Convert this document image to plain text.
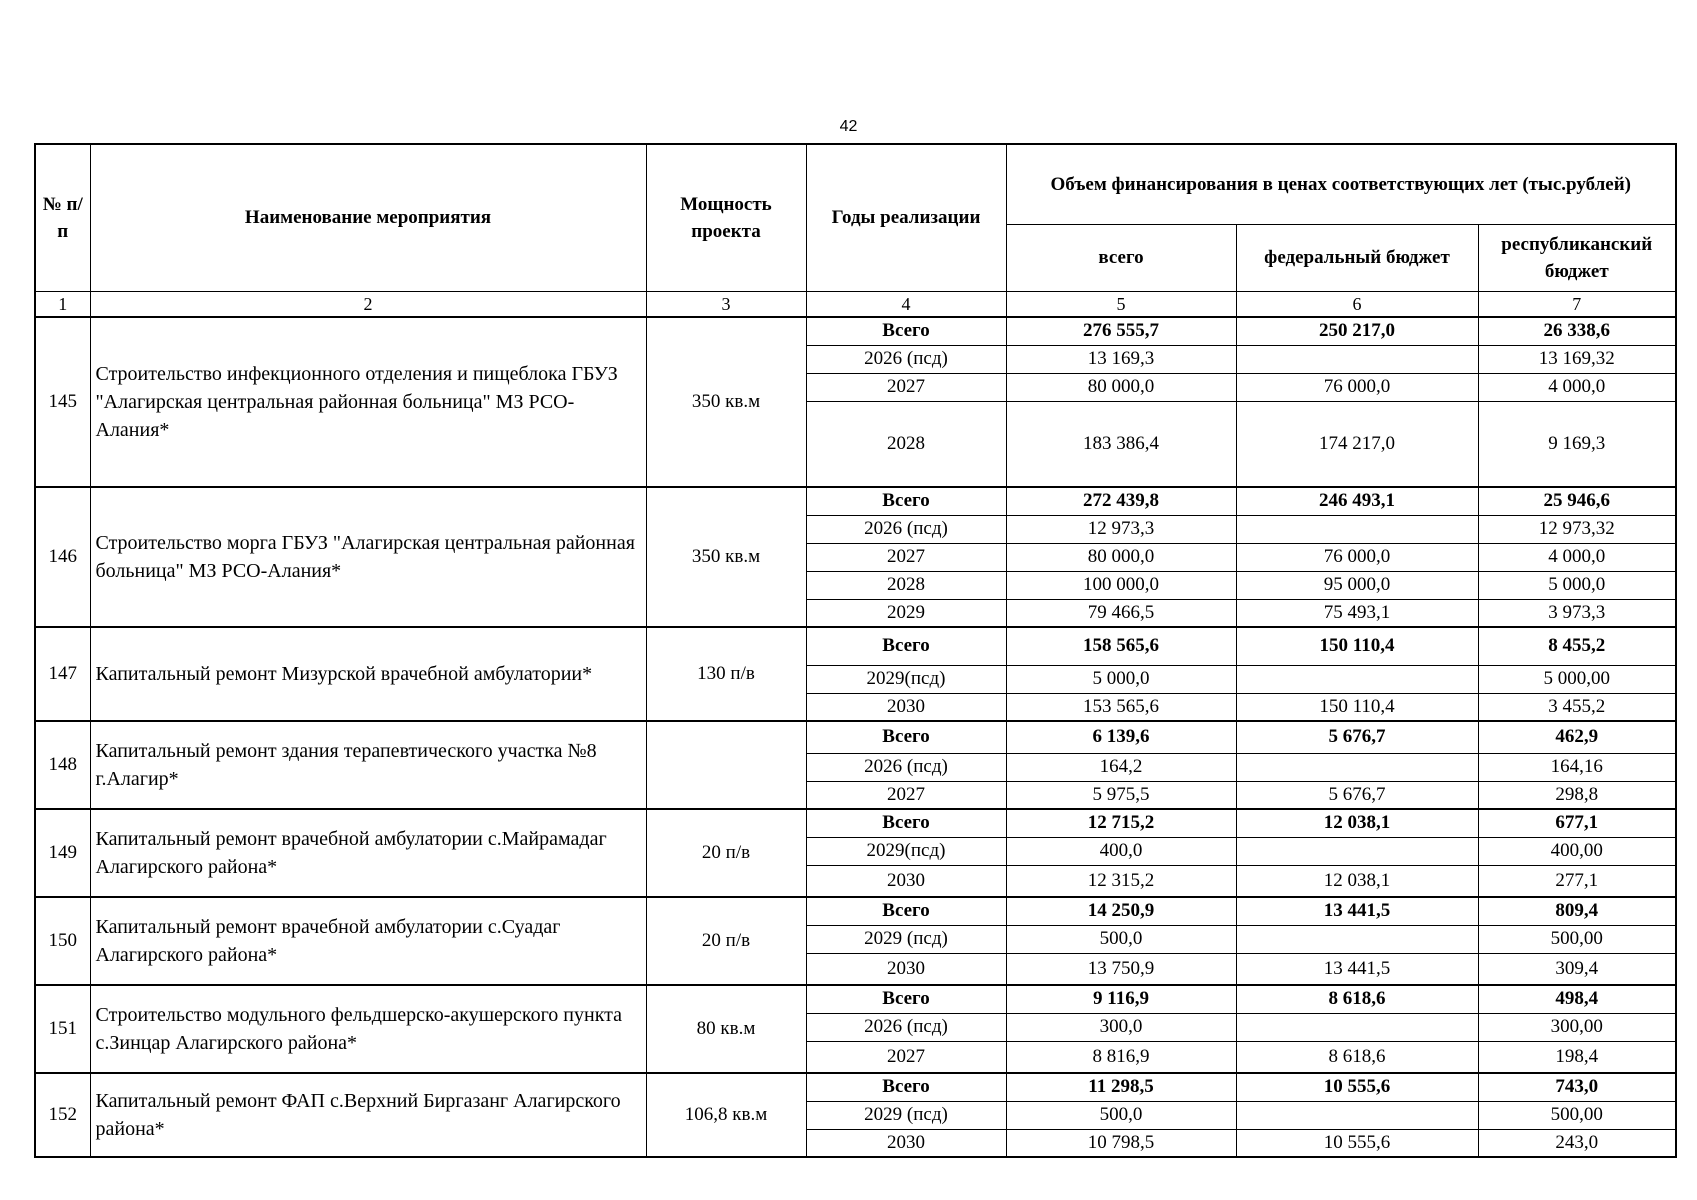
42
№ п/п	Наименование мероприятия	Мощность проекта	Годы реализации	Объем финансирования в ценах соответствующих лет (тыс.рублей)		
				всего	федеральный бюджет	республиканский бюджет
1	2	3	4	5	6	7
145	Строительство инфекционного отделения и пищеблока ГБУЗ "Алагирская центральная районная больница" МЗ РСО-Алания*	350 кв.м	Всего	276 555,7	250 217,0	26 338,6
			2026 (псд)	13 169,3		13 169,32
			2027	80 000,0	76 000,0	4 000,0
			2028	183 386,4	174 217,0	9 169,3
146	Строительство морга ГБУЗ "Алагирская центральная районная больница" МЗ РСО-Алания*	350 кв.м	Всего	272 439,8	246 493,1	25 946,6
			2026 (псд)	12 973,3		12 973,32
			2027	80 000,0	76 000,0	4 000,0
			2028	100 000,0	95 000,0	5 000,0
			2029	79 466,5	75 493,1	3 973,3
147	Капитальный ремонт Мизурской врачебной амбулатории*	130 п/в	Всего	158 565,6	150 110,4	8 455,2
			2029(псд)	5 000,0		5 000,00
			2030	153 565,6	150 110,4	3 455,2
148	Капитальный ремонт здания терапевтического участка №8 г.Алагир*		Всего	6 139,6	5 676,7	462,9
			2026 (псд)	164,2		164,16
			2027	5 975,5	5 676,7	298,8
149	Капитальный ремонт врачебной амбулатории с.Майрамадаг Алагирского района*	20 п/в	Всего	12 715,2	12 038,1	677,1
			2029(псд)	400,0		400,00
			2030	12 315,2	12 038,1	277,1
150	Капитальный ремонт врачебной амбулатории с.Суадаг Алагирского района*	20 п/в	Всего	14 250,9	13 441,5	809,4
			2029 (псд)	500,0		500,00
			2030	13 750,9	13 441,5	309,4
151	Строительство модульного фельдшерско-акушерского пункта с.Зинцар Алагирского района*	80 кв.м	Всего	9 116,9	8 618,6	498,4
			2026 (псд)	300,0		300,00
			2027	8 816,9	8 618,6	198,4
152	Капитальный ремонт ФАП с.Верхний Биргазанг Алагирского района*	106,8 кв.м	Всего	11 298,5	10 555,6	743,0
			2029 (псд)	500,0		500,00
			2030	10 798,5	10 555,6	243,0
